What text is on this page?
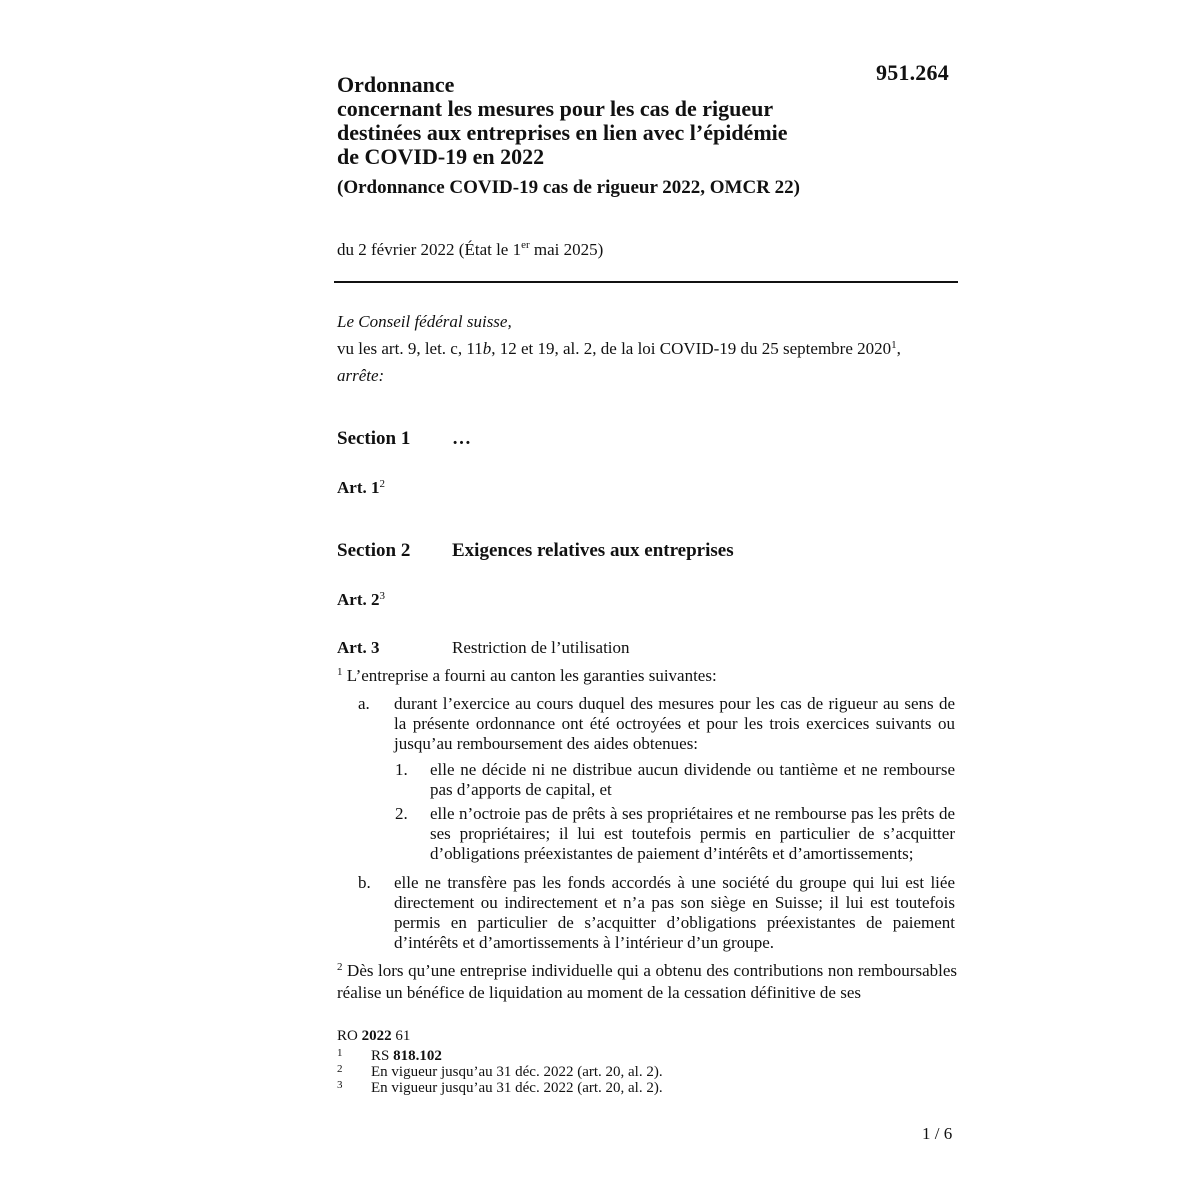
951.264
Ordonnance
concernant les mesures pour les cas de rigueur
destinées aux entreprises en lien avec l’épidémie
de COVID-19 en 2022
(Ordonnance COVID-19 cas de rigueur 2022, OMCR 22)
du 2 février 2022 (État le 1er mai 2025)
Le Conseil fédéral suisse,
vu les art. 9, let. c, 11b, 12 et 19, al. 2, de la loi COVID-19 du 25 septembre 2020$^1$,
arrête:
Section 1 …
Art. $1^2$
Section 2 Exigences relatives aux entreprises
Art. $2^3$
Art. 3	Restriction de l’utilisation
$^1$ L’entreprise a fourni au canton les garanties suivantes:
a. durant l’exercice au cours duquel des mesures pour les cas de rigueur au sens de la présente ordonnance ont été octroyées et pour les trois exercices suivants ou jusqu’au remboursement des aides obtenues:
1. elle ne décide ni ne distribue aucun dividende ou tantième et ne rembourse pas d’apports de capital, et
2. elle n’octroie pas de prêts à ses propriétaires et ne rembourse pas les prêts de ses propriétaires; il lui est toutefois permis en particulier de s’acquitter d’obligations préexistantes de paiement d’intérêts et d’amortissements;
b. elle ne transfère pas les fonds accordés à une société du groupe qui lui est liée directement ou indirectement et n’a pas son siège en Suisse; il lui est toutefois permis en particulier de s’acquitter d’obligations préexistantes de paiement d’intérêts et d’amortissements à l’intérieur d’un groupe.
$^2$ Dès lors qu’une entreprise individuelle qui a obtenu des contributions non remboursables réalise un bénéfice de liquidation au moment de la cessation définitive de ses
RO 2022 61
1 RS 818.102
2 En vigueur jusqu’au 31 déc. 2022 (art. 20, al. 2).
3 En vigueur jusqu’au 31 déc. 2022 (art. 20, al. 2).
1 / 6
